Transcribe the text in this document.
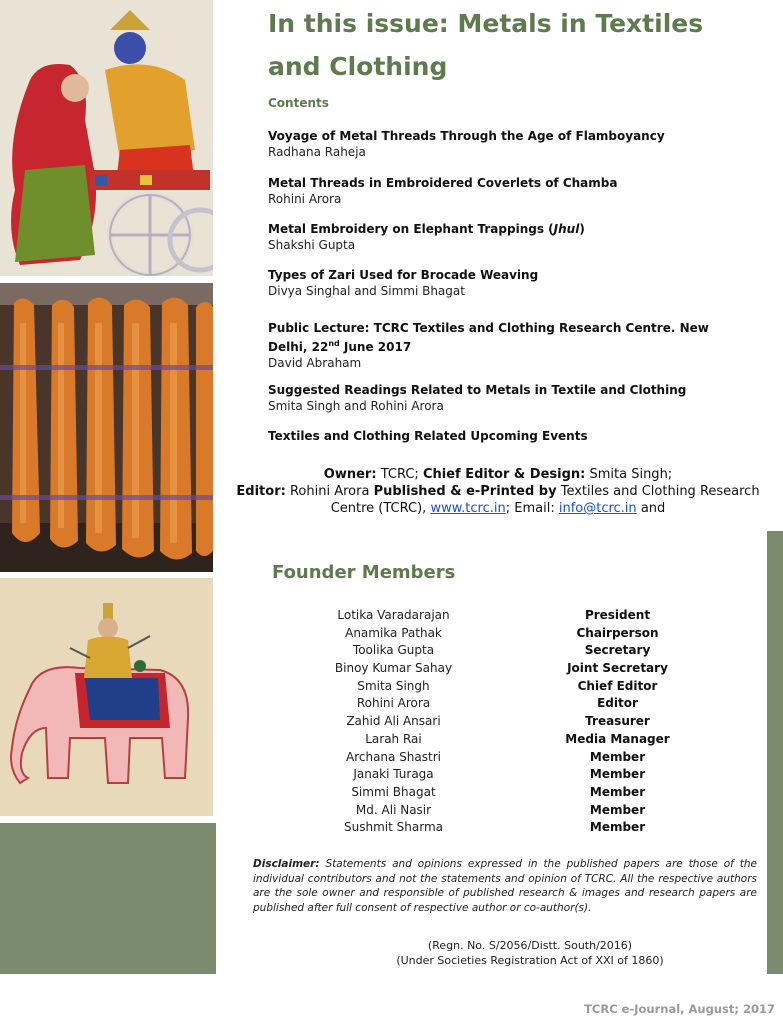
In this issue: Metals in Textiles and Clothing
Contents
Voyage of Metal Threads Through the Age of Flamboyancy
Radhana Raheja
Metal Threads in Embroidered Coverlets of Chamba
Rohini Arora
Metal Embroidery on Elephant Trappings (Jhul)
Shakshi Gupta
Types of Zari Used for Brocade Weaving
Divya Singhal and Simmi Bhagat
Public Lecture: TCRC Textiles and Clothing Research Centre. New Delhi, 22nd June 2017
David Abraham
Suggested Readings Related to Metals in Textile and Clothing
Smita Singh and Rohini Arora
Textiles and Clothing Related Upcoming Events
Owner: TCRC; Chief Editor & Design: Smita Singh;
Editor: Rohini Arora Published & e-Printed by Textiles and Clothing Research Centre (TCRC), www.tcrc.in; Email: info@tcrc.in and
Founder Members
Lotika Varadarajan	President
Anamika Pathak	Chairperson
Toolika Gupta	Secretary
Binoy Kumar Sahay	Joint Secretary
Smita Singh	Chief Editor
Rohini Arora	Editor
Zahid Ali Ansari	Treasurer
Larah Rai	Media Manager
Archana Shastri	Member
Janaki Turaga	Member
Simmi Bhagat	Member
Md. Ali Nasir	Member
Sushmit Sharma	Member
Disclaimer: Statements and opinions expressed in the published papers are those of the individual contributors and not the statements and opinion of TCRC. All the respective authors are the sole owner and responsible of published research & images and research papers are published after full consent of respective author or co-author(s).
(Regn. No. S/2056/Distt. South/2016)
(Under Societies Registration Act of XXI of 1860)
TCRC e-Journal, August; 2017
